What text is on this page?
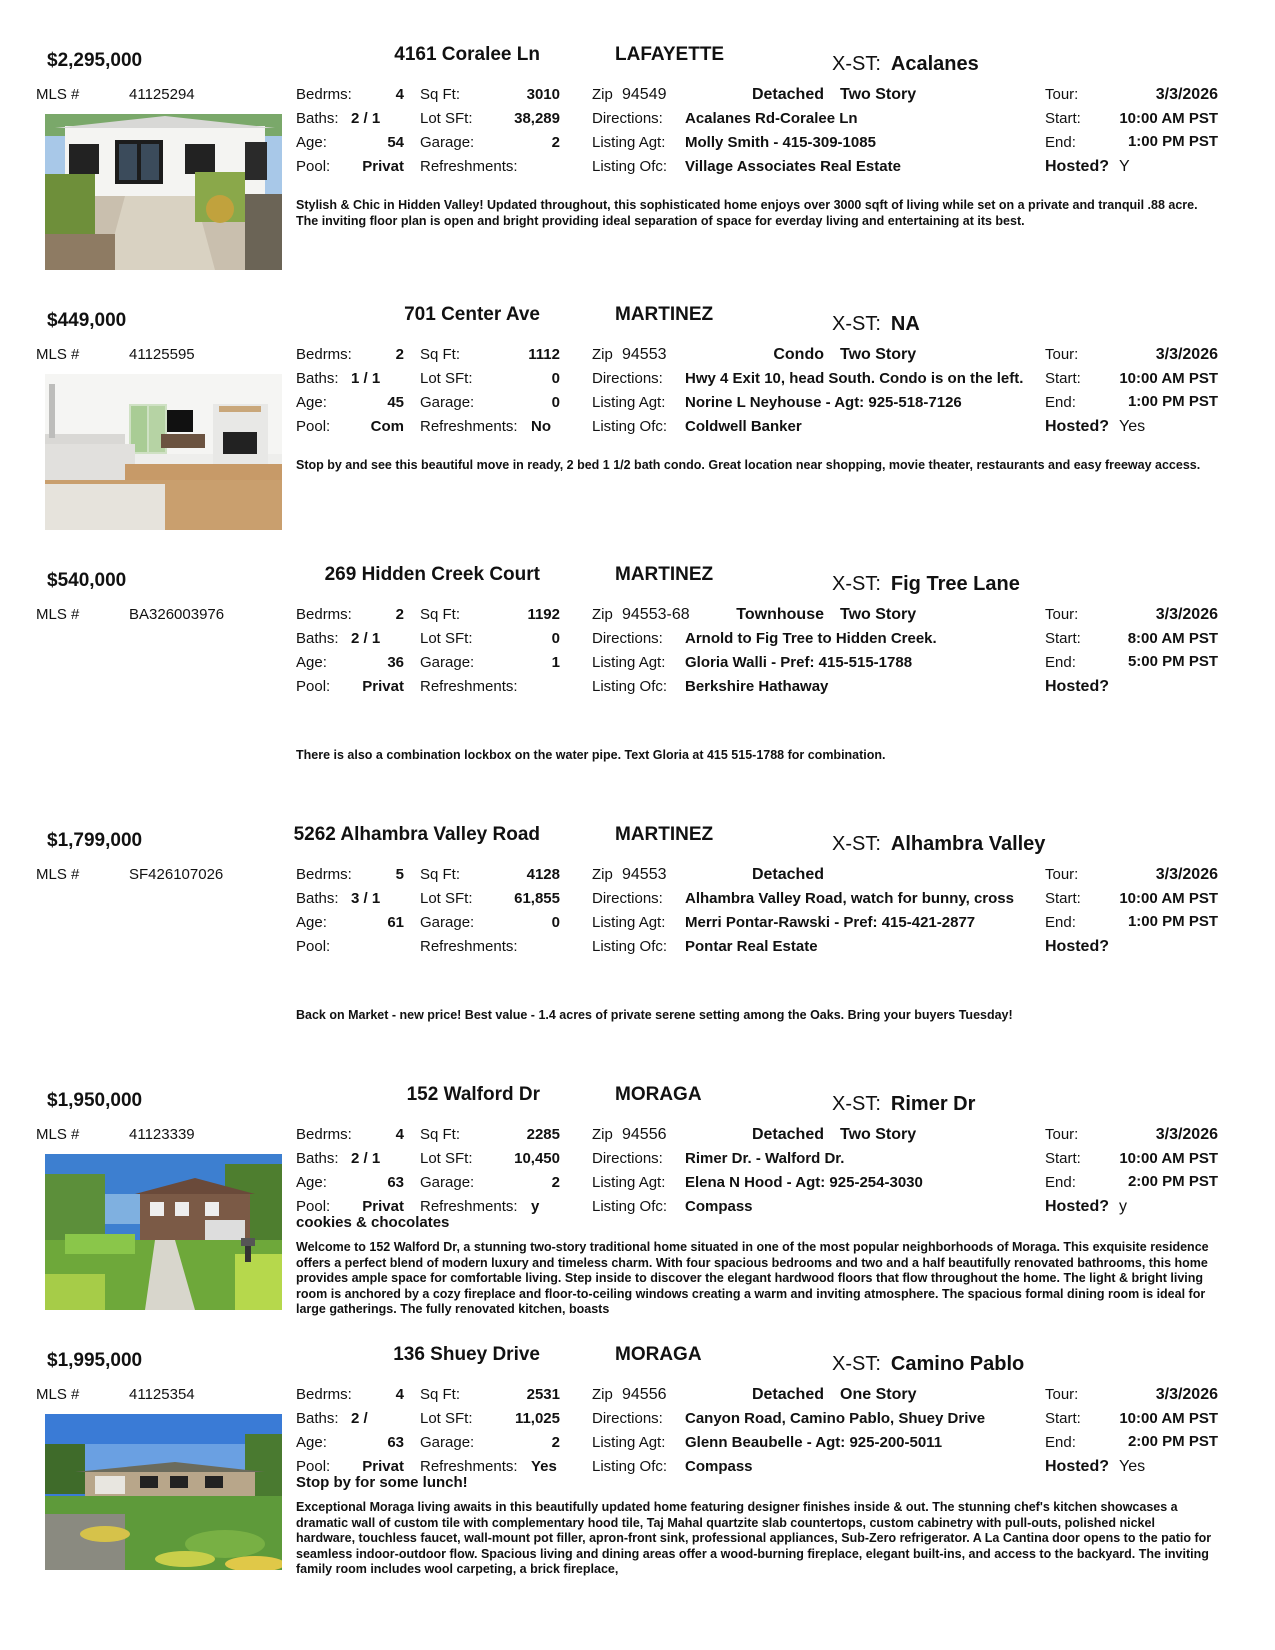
$2,295,000	4161 Coralee Ln	LAFAYETTE	X-ST: Acalanes
MLS #	41125294	Bedrms:	4 Sq Ft:	3010
Baths: 2 / 1	Lot SFt:	38,289
Age:	54 Garage:	2
Pool:	Privat Refreshments:
Zip 94549	Detached Two Story
Directions: Acalanes Rd-Coralee Ln
Listing Agt: Molly Smith - 415-309-1085
Listing Ofc: Village Associates Real Estate
Tour:	3/3/2026
Start:	10:00 AM PST
End:	1:00 PM PST
Hosted? Y
Stylish & Chic in Hidden Valley! Updated throughout, this sophisticated home enjoys over 3000 sqft of living while set on a private and tranquil .88 acre. The inviting floor plan is open and bright providing ideal separation of space for everday living and entertaining at its best.
$449,000	701 Center Ave	MARTINEZ	X-ST: NA
MLS #	41125595	Bedrms:	2 Sq Ft:	1112
Baths: 1 / 1	Lot SFt:	0
Age:	45 Garage:	0
Pool:	Com Refreshments: No
Zip 94553	Condo Two Story
Directions: Hwy 4 Exit 10, head South. Condo is on the left.
Listing Agt: Norine L Neyhouse - Agt: 925-518-7126
Listing Ofc: Coldwell Banker
Tour:	3/3/2026
Start:	10:00 AM PST
End:	1:00 PM PST
Hosted? Yes
Stop by and see this beautiful move in ready, 2 bed 1 1/2 bath condo. Great location near shopping, movie theater, restaurants and easy freeway access.
$540,000	269 Hidden Creek Court	MARTINEZ	X-ST: Fig Tree Lane
MLS #	BA326003976	Bedrms:	2 Sq Ft:	1192
Baths: 2 / 1	Lot SFt:	0
Age:	36 Garage:	1
Pool:	Privat Refreshments:
Zip 94553-68	Townhouse Two Story
Directions: Arnold to Fig Tree to Hidden Creek.
Listing Agt: Gloria Walli - Pref: 415-515-1788
Listing Ofc: Berkshire Hathaway
Tour:	3/3/2026
Start:	8:00 AM PST
End:	5:00 PM PST
Hosted?
There is also a combination lockbox on the water pipe. Text Gloria at 415 515-1788 for combination.
$1,799,000	5262 Alhambra Valley Road	MARTINEZ	X-ST: Alhambra Valley
MLS #	SF426107026	Bedrms:	5 Sq Ft:	4128
Baths: 3 / 1	Lot SFt:	61,855
Age:	61 Garage:	0
Pool:	Refreshments:
Zip 94553	Detached
Directions: Alhambra Valley Road, watch for bunny, cross
Listing Agt: Merri Pontar-Rawski - Pref: 415-421-2877
Listing Ofc: Pontar Real Estate
Tour:	3/3/2026
Start:	10:00 AM PST
End:	1:00 PM PST
Hosted?
Back on Market - new price! Best value - 1.4 acres of private serene setting among the Oaks. Bring your buyers Tuesday!
$1,950,000	152 Walford Dr	MORAGA	X-ST: Rimer Dr
MLS #	41123339	Bedrms:	4 Sq Ft:	2285
Baths: 2 / 1	Lot SFt:	10,450
Age:	63 Garage:	2
Pool:	Privat Refreshments: y
Zip 94556	Detached Two Story
Directions: Rimer Dr. - Walford Dr.
Listing Agt: Elena N Hood - Agt: 925-254-3030
Listing Ofc: Compass
Tour:	3/3/2026
Start:	10:00 AM PST
End:	2:00 PM PST
Hosted? y
cookies & chocolates
Welcome to 152 Walford Dr, a stunning two-story traditional home situated in one of the most popular neighborhoods of Moraga. This exquisite residence offers a perfect blend of modern luxury and timeless charm. With four spacious bedrooms and two and a half beautifully renovated bathrooms, this home provides ample space for comfortable living. Step inside to discover the elegant hardwood floors that flow throughout the home. The light & bright living room is anchored by a cozy fireplace and floor-to-ceiling windows creating a warm and inviting atmosphere. The spacious formal dining room is ideal for large gatherings. The fully renovated kitchen, boasts
$1,995,000	136 Shuey Drive	MORAGA	X-ST: Camino Pablo
MLS #	41125354	Bedrms:	4 Sq Ft:	2531
Baths: 2 /	Lot SFt:	11,025
Age:	63 Garage:	2
Pool:	Privat Refreshments: Yes
Zip 94556	Detached One Story
Directions: Canyon Road, Camino Pablo, Shuey Drive
Listing Agt: Glenn Beaubelle - Agt: 925-200-5011
Listing Ofc: Compass
Tour:	3/3/2026
Start:	10:00 AM PST
End:	2:00 PM PST
Hosted? Yes
Stop by for some lunch!
Exceptional Moraga living awaits in this beautifully updated home featuring designer finishes inside & out. The stunning chef's kitchen showcases a dramatic wall of custom tile with complementary hood tile, Taj Mahal quartzite slab countertops, custom cabinetry with pull-outs, polished nickel hardware, touchless faucet, wall-mount pot filler, apron-front sink, professional appliances, Sub-Zero refrigerator. A La Cantina door opens to the patio for seamless indoor-outdoor flow. Spacious living and dining areas offer a wood-burning fireplace, elegant built-ins, and access to the backyard. The inviting family room includes wool carpeting, a brick fireplace,
